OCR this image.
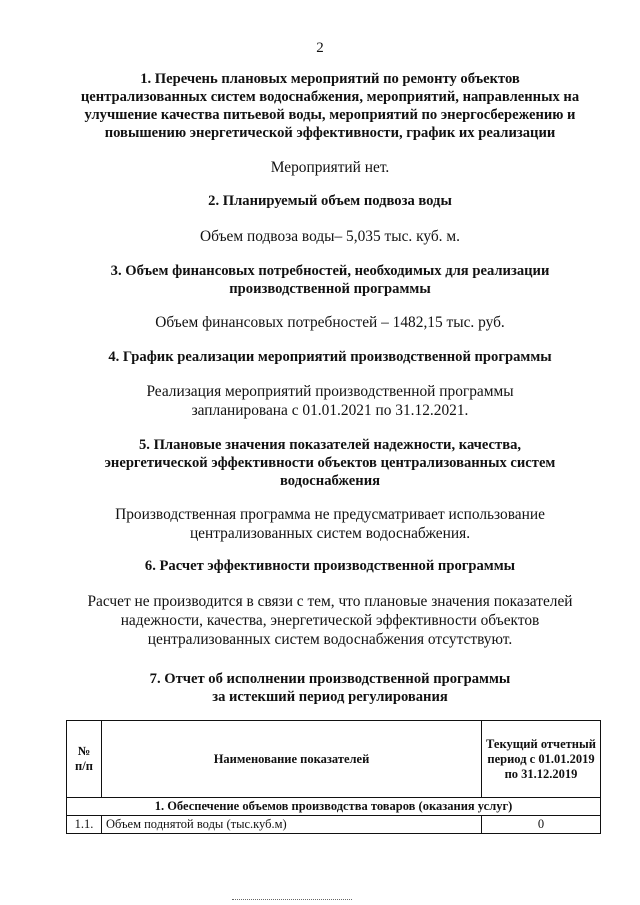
2
1. Перечень плановых мероприятий по ремонту объектов
централизованных систем водоснабжения, мероприятий, направленных на
улучшение качества питьевой воды, мероприятий по энергосбережению и
повышению энергетической эффективности, график их реализации
Мероприятий нет.
2. Планируемый объем подвоза воды
Объем подвоза воды– 5,035 тыс. куб. м.
3. Объем финансовых потребностей, необходимых для реализации
производственной программы
Объем финансовых потребностей – 1482,15 тыс. руб.
4. График реализации мероприятий производственной программы
Реализация мероприятий производственной программы
запланирована с 01.01.2021 по 31.12.2021.
5. Плановые значения показателей надежности, качества,
энергетической эффективности объектов централизованных систем
водоснабжения
Производственная программа не предусматривает использование
централизованных систем водоснабжения.
6. Расчет эффективности производственной программы
Расчет не производится в связи с тем, что плановые значения показателей
надежности, качества, энергетической эффективности объектов
централизованных систем водоснабжения отсутствуют.
7. Отчет об исполнении производственной программы
за истекший период регулирования
№ п/п	Наименование показателей	Текущий отчетный период с 01.01.2019 по 31.12.2019
1. Обеспечение объемов производства товаров (оказания услуг)		
1.1.	Объем поднятой воды (тыс.куб.м)	0
